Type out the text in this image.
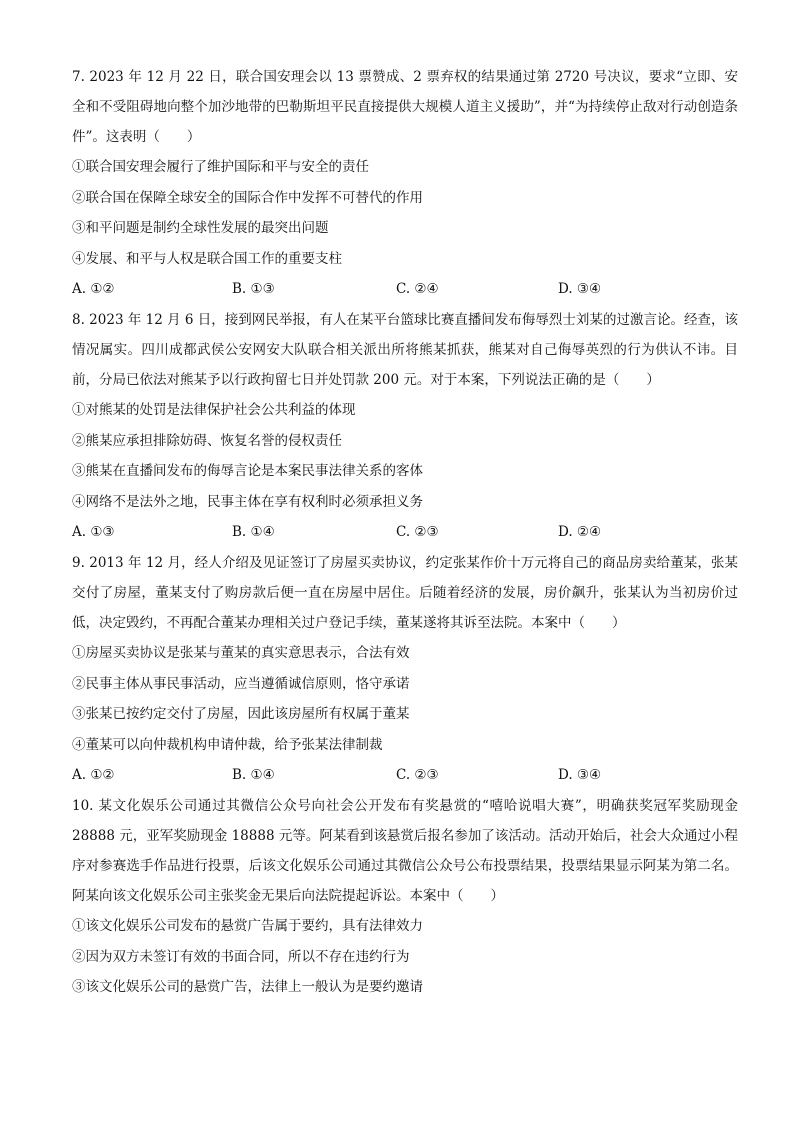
7. 2023 年 12 月 22 日，联合国安理会以 13 票赞成、2 票弃权的结果通过第 2720 号决议，要求“立即、安全和不受阻碍地向整个加沙地带的巴勒斯坦平民直接提供大规模人道主义援助”，并“为持续停止敌对行动创造条件”。这表明（　　）

①联合国安理会履行了维护国际和平与安全的责任

②联合国在保障全球安全的国际合作中发挥不可替代的作用

③和平问题是制约全球性发展的最突出问题

④发展、和平与人权是联合国工作的重要支柱

A. ①②	B. ①③	C. ②④	D. ③④

8. 2023 年 12 月 6 日，接到网民举报，有人在某平台篮球比赛直播间发布侮辱烈士刘某的过激言论。经查，该情况属实。四川成都武侯公安网安大队联合相关派出所将熊某抓获，熊某对自己侮辱英烈的行为供认不讳。目前，分局已依法对熊某予以行政拘留七日并处罚款 200 元。对于本案，下列说法正确的是（　　）

①对熊某的处罚是法律保护社会公共利益的体现

②熊某应承担排除妨碍、恢复名誉的侵权责任

③熊某在直播间发布的侮辱言论是本案民事法律关系的客体

④网络不是法外之地，民事主体在享有权利时必须承担义务

A. ①③	B. ①④	C. ②③	D. ②④

9. 2013 年 12 月，经人介绍及见证签订了房屋买卖协议，约定张某作价十万元将自己的商品房卖给董某，张某交付了房屋，董某支付了购房款后便一直在房屋中居住。后随着经济的发展，房价飙升，张某认为当初房价过低，决定毁约，不再配合董某办理相关过户登记手续，董某遂将其诉至法院。本案中（　　）

①房屋买卖协议是张某与董某的真实意思表示，合法有效

②民事主体从事民事活动，应当遵循诚信原则，恪守承诺

③张某已按约定交付了房屋，因此该房屋所有权属于董某

④董某可以向仲裁机构申请仲裁，给予张某法律制裁

A. ①②	B. ①④	C. ②③	D. ③④

10. 某文化娱乐公司通过其微信公众号向社会公开发布有奖悬赏的“嘻哈说唱大赛”，明确获奖冠军奖励现金 28888 元，亚军奖励现金 18888 元等。阿某看到该悬赏后报名参加了该活动。活动开始后，社会大众通过小程序对参赛选手作品进行投票，后该文化娱乐公司通过其微信公众号公布投票结果，投票结果显示阿某为第二名。阿某向该文化娱乐公司主张奖金无果后向法院提起诉讼。本案中（　　）

①该文化娱乐公司发布的悬赏广告属于要约，具有法律效力

②因为双方未签订有效的书面合同，所以不存在违约行为

③该文化娱乐公司的悬赏广告，法律上一般认为是要约邀请
